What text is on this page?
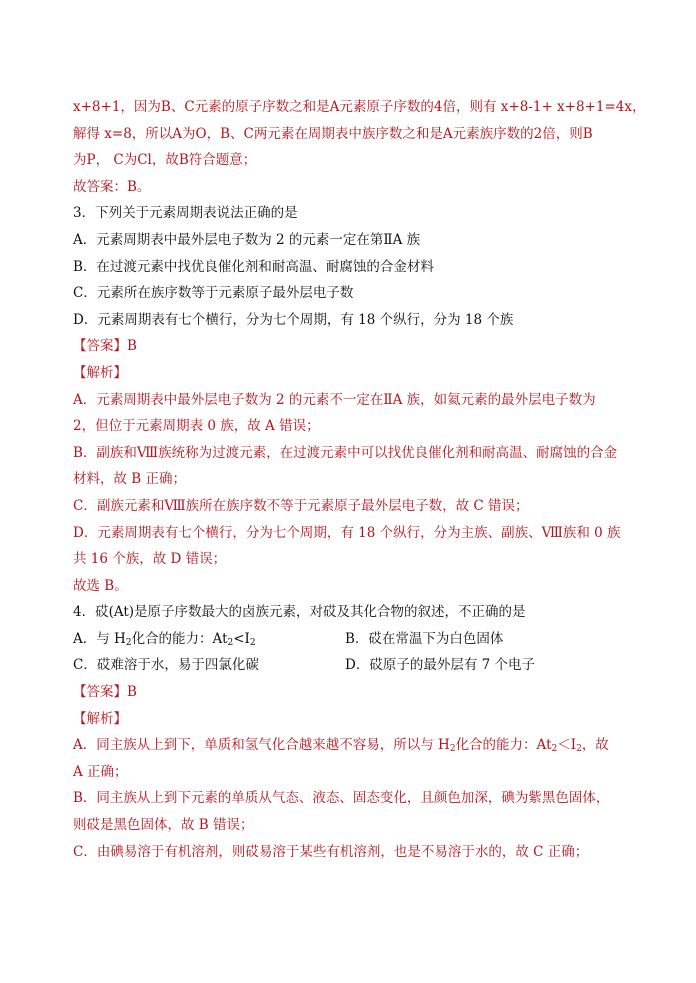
x+8+1，因为B、C元素的原子序数之和是A元素原子序数的4倍，则有 x+8-1+ x+8+1=4x，
解得 x=8，所以A为O，B、C两元素在周期表中族序数之和是A元素族序数的2倍，则B
为P， C为Cl，故B符合题意；
故答案：B。
3．下列关于元素周期表说法正确的是
A．元素周期表中最外层电子数为 2 的元素一定在第ⅡA 族
B．在过渡元素中找优良催化剂和耐高温、耐腐蚀的合金材料
C．元素所在族序数等于元素原子最外层电子数
D．元素周期表有七个横行，分为七个周期，有 18 个纵行，分为 18 个族
【答案】B
【解析】
A．元素周期表中最外层电子数为 2 的元素不一定在ⅡA 族，如氦元素的最外层电子数为
2，但位于元素周期表 0 族，故 A 错误；
B．副族和Ⅷ族统称为过渡元素，在过渡元素中可以找优良催化剂和耐高温、耐腐蚀的合金
材料，故 B 正确；
C．副族元素和Ⅷ族所在族序数不等于元素原子最外层电子数，故 C 错误；
D．元素周期表有七个横行，分为七个周期，有 18 个纵行，分为主族、副族、Ⅷ族和 0 族
共 16 个族，故 D 错误；
故选 B。
4．砹(At)是原子序数最大的卤族元素，对砹及其化合物的叙述，不正确的是
A．与 $H_2$化合的能力：$At_2<I_2$	B．砹在常温下为白色固体
C．砹难溶于水，易于四氯化碳	D．砹原子的最外层有 7 个电子
【答案】B
【解析】
A．同主族从上到下，单质和氢气化合越来越不容易，所以与 $H_2$化合的能力：$At_2<I_2$，故
A 正确；
B．同主族从上到下元素的单质从气态、液态、固态变化，且颜色加深，碘为紫黑色固体，
则砹是黑色固体，故 B 错误；
C．由碘易溶于有机溶剂，则砹易溶于某些有机溶剂，也是不易溶于水的，故 C 正确；
